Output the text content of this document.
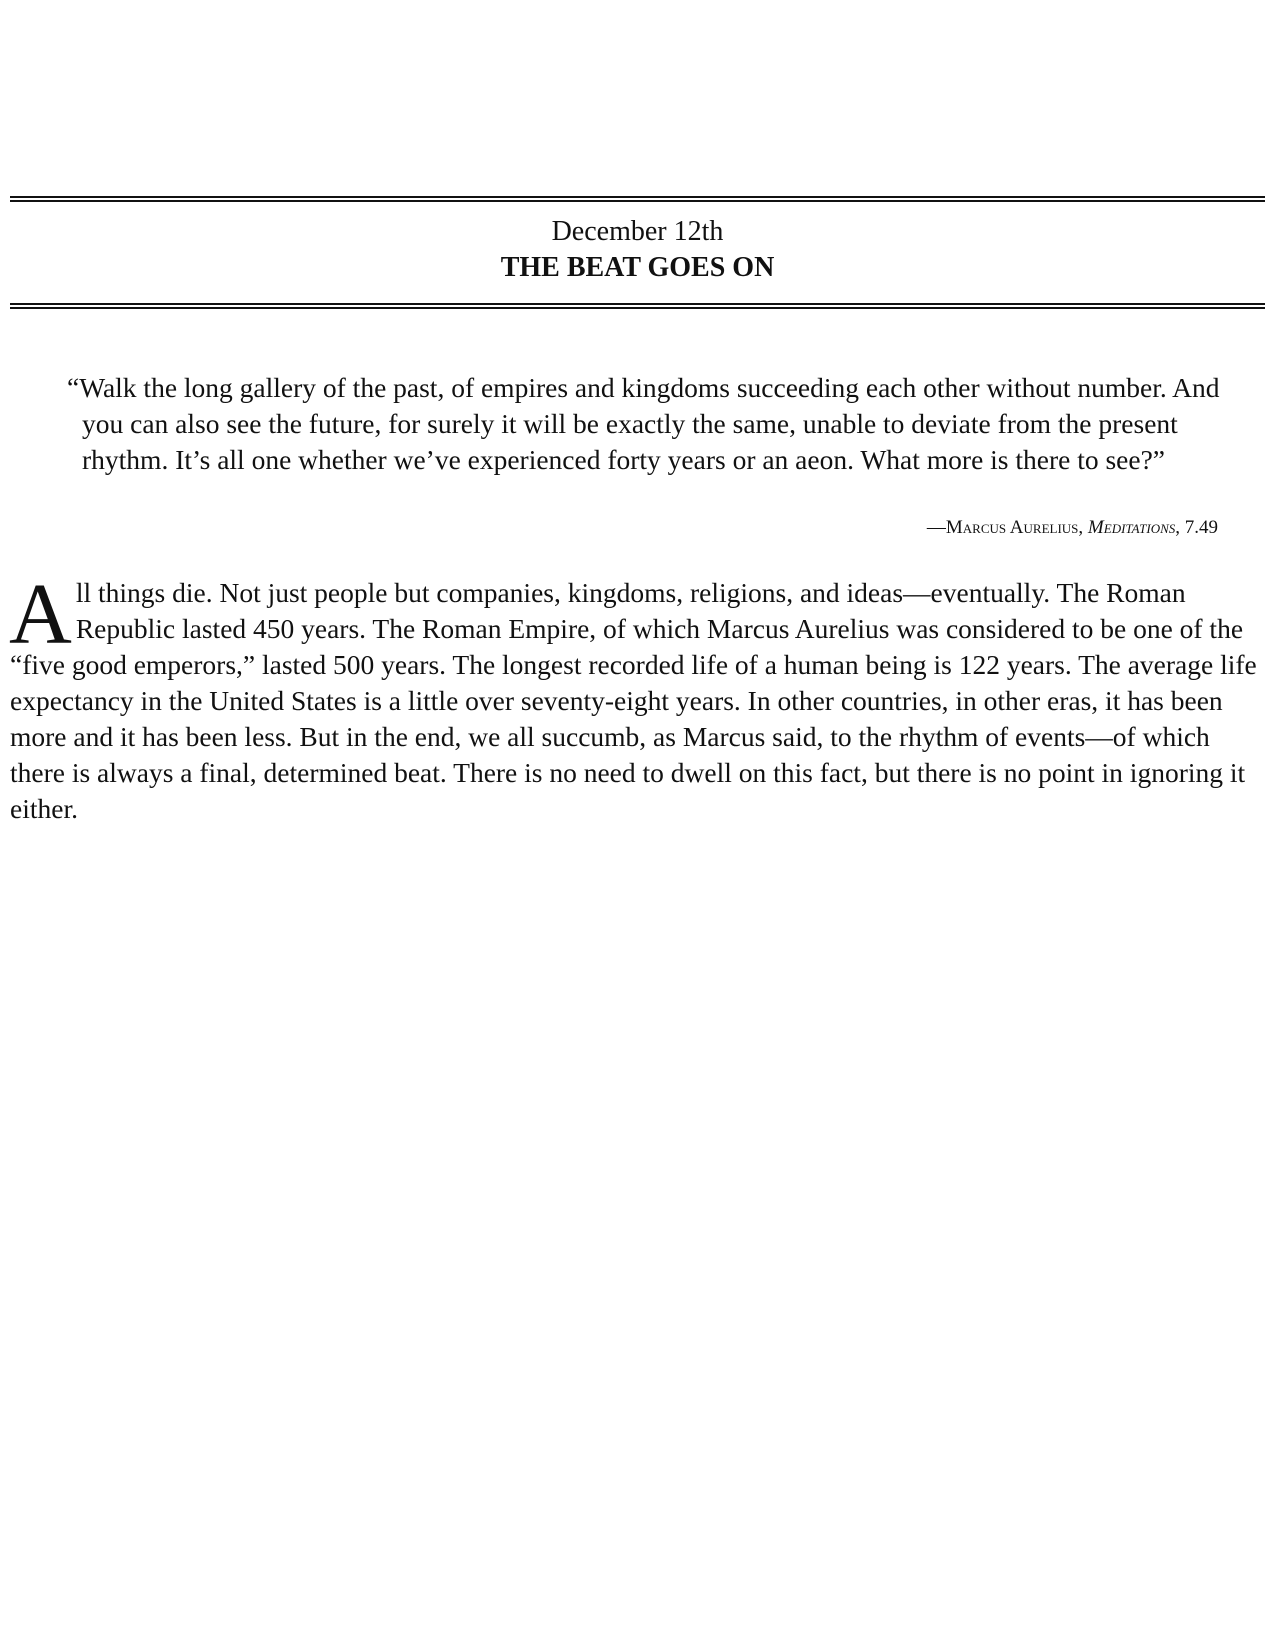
December 12th
THE BEAT GOES ON

“Walk the long gallery of the past, of empires and kingdoms succeeding each other without number. And you can also see the future, for surely it will be exactly the same, unable to deviate from the present rhythm. It’s all one whether we’ve experienced forty years or an aeon. What more is there to see?”

—Marcus Aurelius, Meditations, 7.49

All things die. Not just people but companies, kingdoms, religions, and ideas—eventually. The Roman Republic lasted 450 years. The Roman Empire, of which Marcus Aurelius was considered to be one of the “five good emperors,” lasted 500 years. The longest recorded life of a human being is 122 years. The average life expectancy in the United States is a little over seventy-eight years. In other countries, in other eras, it has been more and it has been less. But in the end, we all succumb, as Marcus said, to the rhythm of events—of which there is always a final, determined beat. There is no need to dwell on this fact, but there is no point in ignoring it either.
